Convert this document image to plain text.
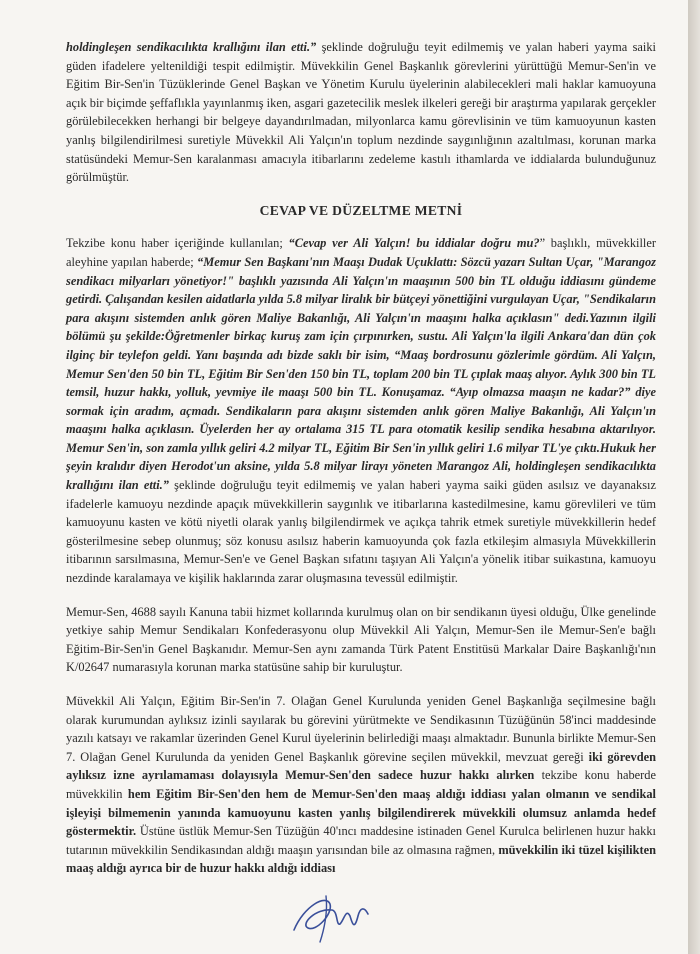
holdingleşen sendikacılıkta krallığını ilan etti.” şeklinde doğruluğu teyit edilmemiş ve yalan haberi yayma saiki güden ifadelere yeltenildiği tespit edilmiştir. Müvekkilin Genel Başkanlık görevlerini yürüttüğü Memur-Sen'in ve Eğitim Bir-Sen'in Tüzüklerinde Genel Başkan ve Yönetim Kurulu üyelerinin alabilecekleri mali haklar kamuoyuna açık bir biçimde şeffaflıkla yayınlanmış iken, asgari gazetecilik meslek ilkeleri gereği bir araştırma yapılarak gerçekler görülebilecekken herhangi bir belgeye dayandırılmadan, milyonlarca kamu görevlisinin ve tüm kamuoyunun kasten yanlış bilgilendirilmesi suretiyle Müvekkil Ali Yalçın'ın toplum nezdinde saygınlığının azaltılması, korunan marka statüsündeki Memur-Sen karalanması amacıyla itibarlarını zedeleme kastılı ithamlarda ve iddialarda bulunduğunuz görülmüştür.

CEVAP VE DÜZELTME METNİ

Tekzibe konu haber içeriğinde kullanılan; “Cevap ver Ali Yalçın! bu iddialar doğru mu?” başlıklı, müvekkiller aleyhine yapılan haberde; “Memur Sen Başkanı'nın Maaşı Dudak Uçuklattı: Sözcü yazarı Sultan Uçar, "Marangoz sendikacı milyarları yönetiyor!" başlıklı yazısında Ali Yalçın'ın maaşının 500 bin TL olduğu iddiasını gündeme getirdi. Çalışandan kesilen aidatlarla yılda 5.8 milyar liralık bir bütçeyi yönettiğini vurgulayan Uçar, "Sendikaların para akışını sistemden anlık gören Maliye Bakanlığı, Ali Yalçın'ın maaşını halka açıklasın" dedi.Yazının ilgili bölümü şu şekilde:Öğretmenler birkaç kuruş zam için çırpınırken, sustu. Ali Yalçın'la ilgili Ankara'dan dün çok ilginç bir teylefon geldi. Yanı başında adı bizde saklı bir isim, “Maaş bordrosunu gözlerimle gördüm. Ali Yalçın, Memur Sen'den 50 bin TL, Eğitim Bir Sen'den 150 bin TL, toplam 200 bin TL çıplak maaş alıyor. Aylık 300 bin TL temsil, huzur hakkı, yolluk, yevmiye ile maaşı 500 bin TL. Konuşamaz. “Ayıp olmazsa maaşın ne kadar?” diye sormak için aradım, açmadı. Sendikaların para akışını sistemden anlık gören Maliye Bakanlığı, Ali Yalçın'ın maaşını halka açıklasın. Üyelerden her ay ortalama 315 TL para otomatik kesilip sendika hesabına aktarılıyor. Memur Sen'in, son zamla yıllık geliri 4.2 milyar TL, Eğitim Bir Sen'in yıllık geliri 1.6 milyar TL'ye çıktı.Hukuk her şeyin kralıdır diyen Herodot'un aksine, yılda 5.8 milyar lirayı yöneten Marangoz Ali, holdingleşen sendikacılıkta krallığını ilan etti.” şeklinde doğruluğu teyit edilmemiş ve yalan haberi yayma saiki güden asılsız ve dayanaksız ifadelerle kamuoyu nezdinde apaçık müvekkillerin saygınlık ve itibarlarına kastedilmesine, kamu görevlileri ve tüm kamuoyunu kasten ve kötü niyetli olarak yanlış bilgilendirmek ve açıkça tahrik etmek suretiyle müvekkillerin hedef gösterilmesine sebep olunmuş; söz konusu asılsız haberin kamuoyunda çok fazla etkileşim almasıyla Müvekkillerin itibarının sarsılmasına, Memur-Sen'e ve Genel Başkan sıfatını taşıyan Ali Yalçın'a yönelik itibar suikastına, kamuoyu nezdinde karalamaya ve kişilik haklarında zarar oluşmasına tevessül edilmiştir.

Memur-Sen, 4688 sayılı Kanuna tabii hizmet kollarında kurulmuş olan on bir sendikanın üyesi olduğu, Ülke genelinde yetkiye sahip Memur Sendikaları Konfederasyonu olup Müvekkil Ali Yalçın, Memur-Sen ile Memur-Sen'e bağlı Eğitim-Bir-Sen'in Genel Başkanıdır. Memur-Sen aynı zamanda Türk Patent Enstitüsü Markalar Daire Başkanlığı'nın K/02647 numarasıyla korunan marka statüsüne sahip bir kuruluştur.

Müvekkil Ali Yalçın, Eğitim Bir-Sen'in 7. Olağan Genel Kurulunda yeniden Genel Başkanlığa seçilmesine bağlı olarak kurumundan aylıksız izinli sayılarak bu görevini yürütmekte ve Sendikasının Tüzüğünün 58'inci maddesinde yazılı katsayı ve rakamlar üzerinden Genel Kurul üyelerinin belirlediği maaşı almaktadır. Bununla birlikte Memur-Sen 7. Olağan Genel Kurulunda da yeniden Genel Başkanlık görevine seçilen müvekkil, mevzuat gereği iki görevden aylıksız izne ayrılamaması dolayısıyla Memur-Sen'den sadece huzur hakkı alırken tekzibe konu haberde müvekkilin hem Eğitim Bir-Sen'den hem de Memur-Sen'den maaş aldığı iddiası yalan olmanın ve sendikal işleyişi bilmemenin yanında kamuoyunu kasten yanlış bilgilendirerek müvekkili olumsuz anlamda hedef göstermektir. Üstüne üstlük Memur-Sen Tüzüğün 40'ıncı maddesine istinaden Genel Kurulca belirlenen huzur hakkı tutarının müvekkilin Sendikasından aldığı maaşın yarısından bile az olmasına rağmen, müvekkilin iki tüzel kişilikten maaş aldığı ayrıca bir de huzur hakkı aldığı iddiası
